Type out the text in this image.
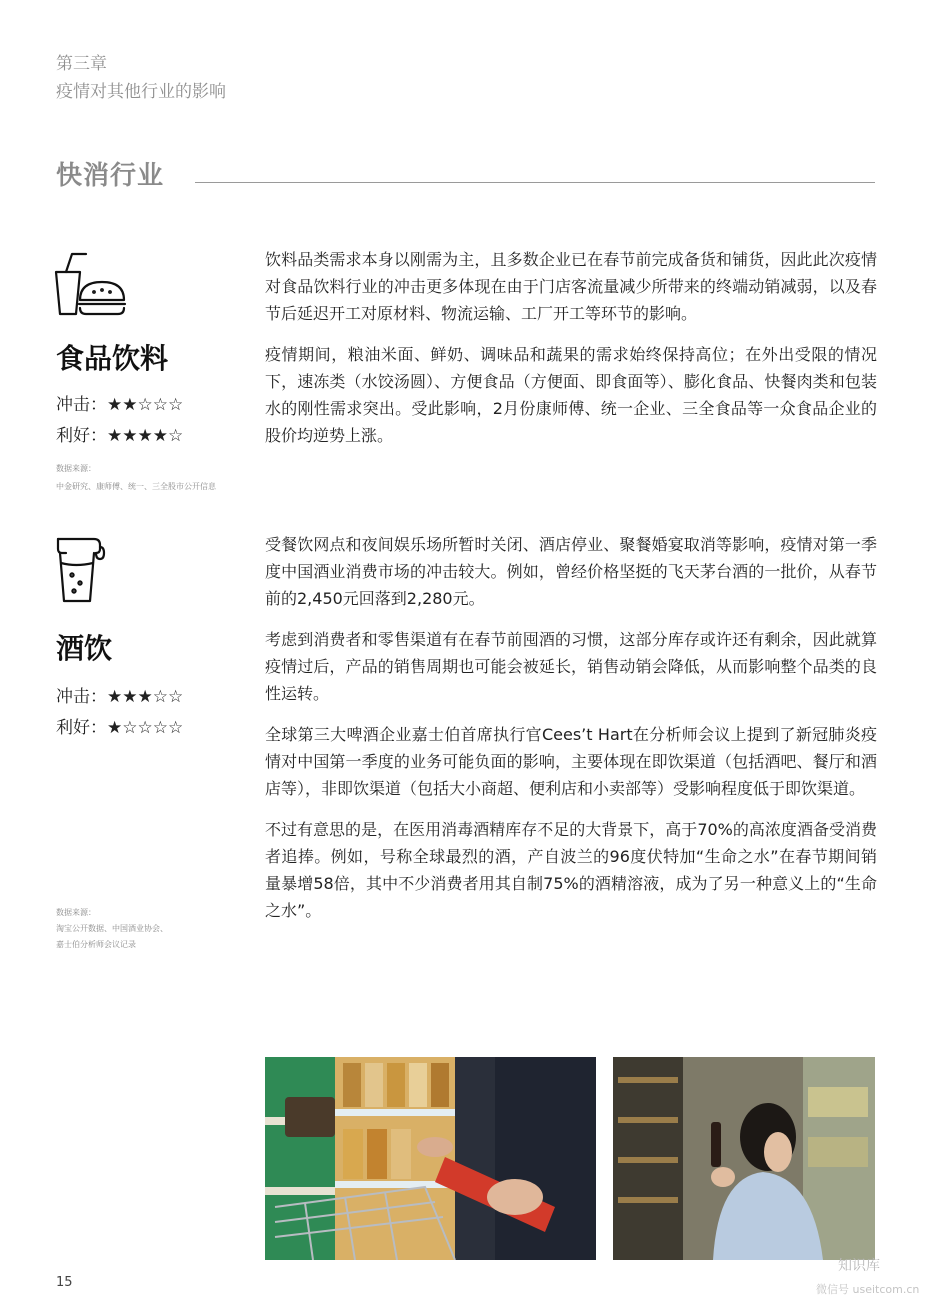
第三章
疫情对其他行业的影响
快消行业
食品饮料
冲击：★★☆☆☆
利好：★★★★☆
数据来源：
中金研究、康师傅、统一、三全股市公开信息

饮料品类需求本身以刚需为主，且多数企业已在春节前完成备货和铺货，因此此次疫情对食品饮料行业的冲击更多体现在由于门店客流量减少所带来的终端动销减弱，以及春节后延迟开工对原材料、物流运输、工厂开工等环节的影响。

疫情期间，粮油米面、鲜奶、调味品和蔬果的需求始终保持高位；在外出受限的情况下，速冻类（水饺汤圆）、方便食品（方便面、即食面等）、膨化食品、快餐肉类和包装水的刚性需求突出。受此影响，2月份康师傅、统一企业、三全食品等一众食品企业的股价均逆势上涨。

酒饮
冲击：★★★☆☆
利好：★☆☆☆☆
数据来源：
淘宝公开数据、中国酒业协会、
嘉士伯分析师会议记录

受餐饮网点和夜间娱乐场所暂时关闭、酒店停业、聚餐婚宴取消等影响，疫情对第一季度中国酒业消费市场的冲击较大。例如，曾经价格坚挺的飞天茅台酒的一批价，从春节前的2,450元回落到2,280元。

考虑到消费者和零售渠道有在春节前囤酒的习惯，这部分库存或许还有剩余，因此就算疫情过后，产品的销售周期也可能会被延长，销售动销会降低，从而影响整个品类的良性运转。

全球第三大啤酒企业嘉士伯首席执行官Cees’t Hart在分析师会议上提到了新冠肺炎疫情对中国第一季度的业务可能负面的影响，主要体现在即饮渠道（包括酒吧、餐厅和酒店等），非即饮渠道（包括大小商超、便利店和小卖部等）受影响程度低于即饮渠道。

不过有意思的是，在医用消毒酒精库存不足的大背景下，高于70%的高浓度酒备受消费者追捧。例如，号称全球最烈的酒，产自波兰的96度伏特加“生命之水”在春节期间销量暴增58倍，其中不少消费者用其自制75%的酒精溶液，成为了另一种意义上的“生命之水”。

15
知识库
微信号 useitcom.cn
